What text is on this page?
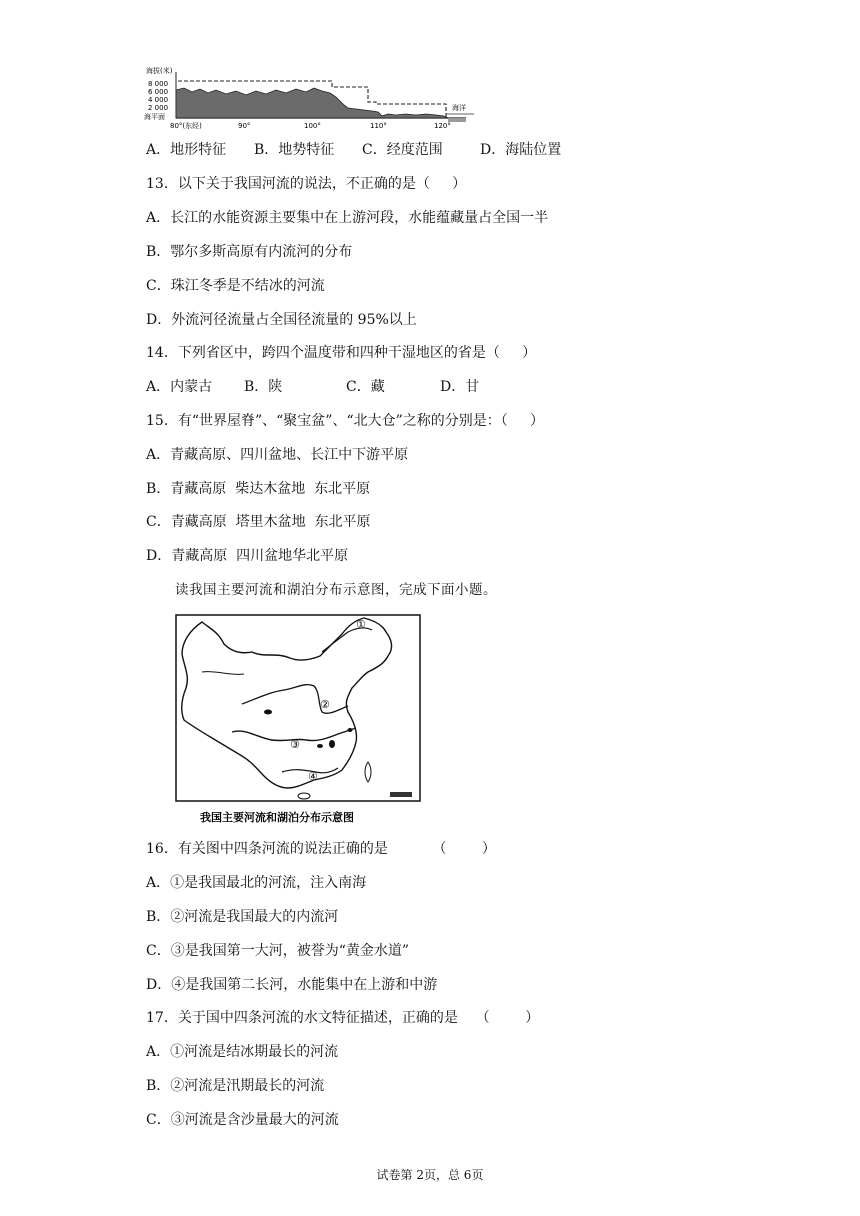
海拔(米)
8 000
6 000
4 000
2 000
海平面
海洋
80°(东经)	90°	100°	110°	120°
A．地形特征 B．地势特征 C．经度范围	D．海陆位置
13．以下关于我国河流的说法，不正确的是（     ）
A．长江的水能资源主要集中在上游河段，水能蕴藏量占全国一半
B．鄂尔多斯高原有内流河的分布
C．珠江冬季是不结冰的河流
D．外流河径流量占全国径流量的 95%以上
14．下列省区中，跨四个温度带和四种干湿地区的省是（     ）
A．内蒙古 B．陕	C．藏	D．甘
15．有“世界屋脊”、“聚宝盆”、“北大仓”之称的分别是：（     ）
A．青藏高原、四川盆地、长江中下游平原
B．青藏高原  柴达木盆地  东北平原
C．青藏高原  塔里木盆地  东北平原
D．青藏高原  四川盆地华北平原
读我国主要河流和湖泊分布示意图，完成下面小题。
①
②
③
④
我国主要河流和湖泊分布示意图
16．有关图中四条河流的说法正确的是          （        ）
A．①是我国最北的河流，注入南海
B．②河流是我国最大的内流河
C．③是我国第一大河，被誉为“黄金水道”
D．④是我国第二长河，水能集中在上游和中游
17．关于国中四条河流的水文特征描述，正确的是    （        ）
A．①河流是结冰期最长的河流
B．②河流是汛期最长的河流
C．③河流是含沙量最大的河流
试卷第 2页，总 6页
